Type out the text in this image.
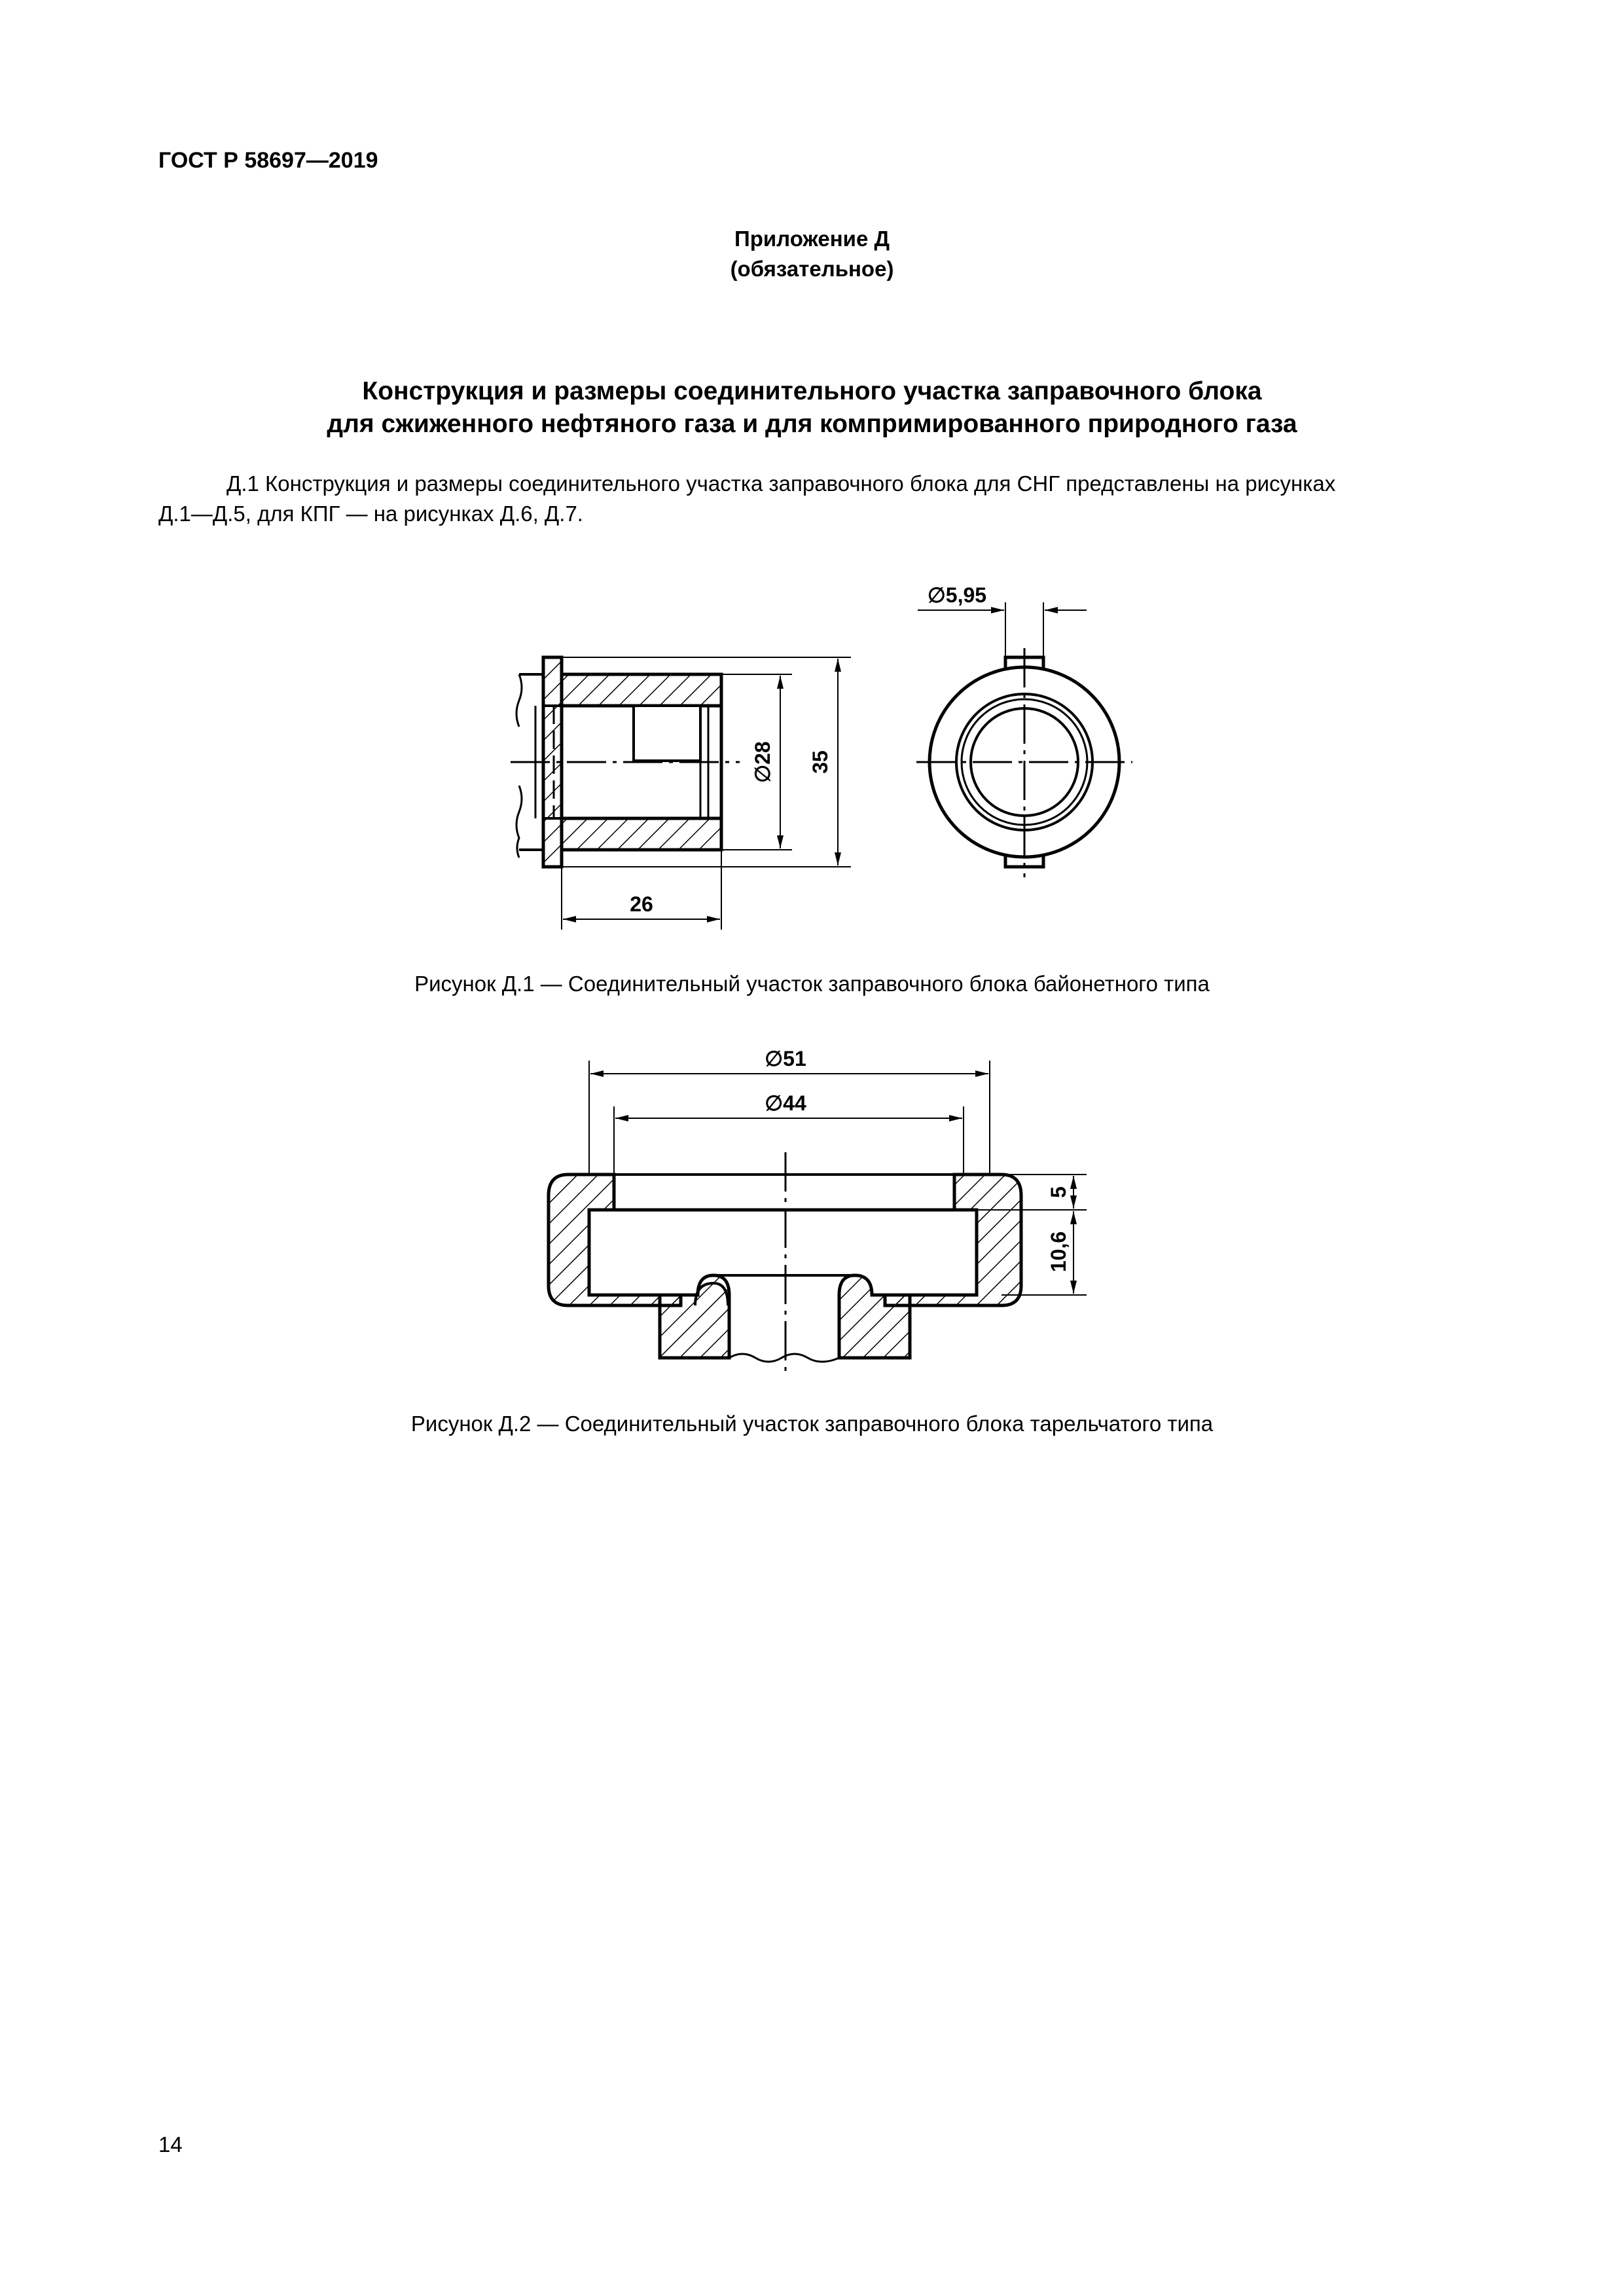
ГОСТ Р 58697—2019
Приложение Д
(обязательное)
Конструкция и размеры соединительного участка заправочного блока
для сжиженного нефтяного газа и для компримированного природного газа
Д.1 Конструкция и размеры соединительного участка заправочного блока для СНГ представлены на рисунках
Д.1—Д.5, для КПГ — на рисунках Д.6, Д.7.
∅28 35
26
∅5,95
∅51
∅44
5
10,6
Рисунок Д.1 — Соединительный участок заправочного блока байонетного типа
Рисунок Д.2 — Соединительный участок заправочного блока тарельчатого типа
14
